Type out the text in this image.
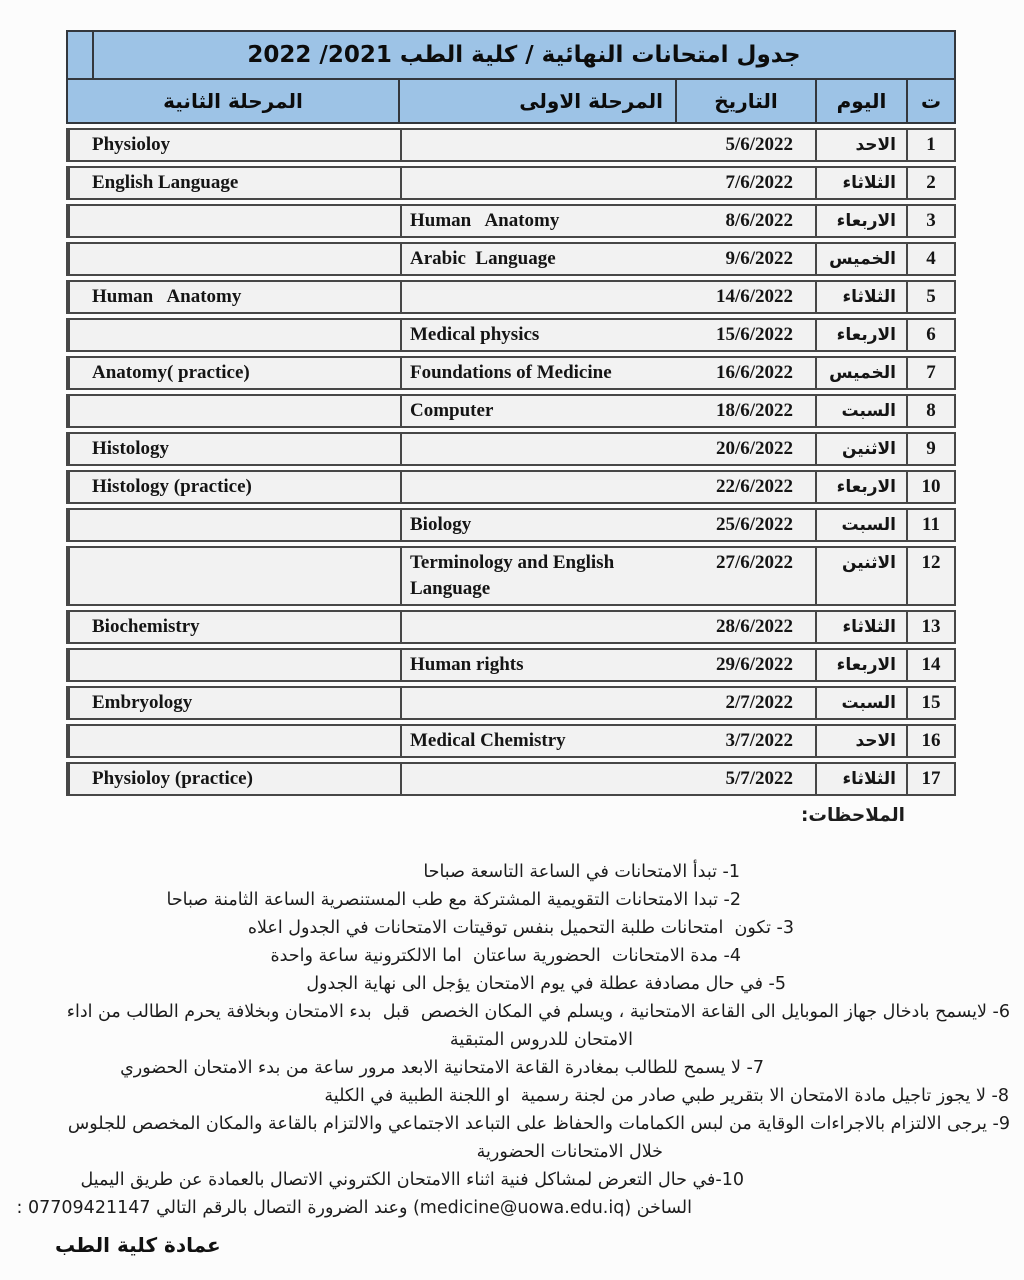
جدول امتحانات النهائية / كلية الطب 2021/ 2022
ت
اليوم
التاريخ
المرحلة الاولى
المرحلة الثانية
1
الاحد
5/6/2022
Physioloy
2
الثلاثاء
7/6/2022
English Language
3
الاربعاء
8/6/2022
Human   Anatomy
4
الخميس
9/6/2022
Arabic  Language
5
الثلاثاء
14/6/2022
Human   Anatomy
6
الاربعاء
15/6/2022
Medical physics
7
الخميس
16/6/2022
Foundations of Medicine
Anatomy( practice)
8
السبت
18/6/2022
Computer
9
الاثنين
20/6/2022
Histology
10
الاربعاء
22/6/2022
Histology (practice)
11
السبت
25/6/2022
Biology
12
الاثنين
27/6/2022
Terminology and English Language
13
الثلاثاء
28/6/2022
Biochemistry
14
الاربعاء
29/6/2022
Human rights
15
السبت
2/7/2022
Embryology
16
الاحد
3/7/2022
Medical Chemistry
17
الثلاثاء
5/7/2022
Physioloy (practice)
الملاحظات:
1- تبدأ الامتحانات في الساعة التاسعة صباحا
2- تبدا الامتحانات التقويمية المشتركة مع طب المستنصرية الساعة الثامنة صباحا
3- تكون  امتحانات طلبة التحميل بنفس توقيتات الامتحانات في الجدول اعلاه
4- مدة الامتحانات  الحضورية ساعتان  اما الالكترونية ساعة واحدة
5- في حال مصادفة عطلة في يوم الامتحان يؤجل الى نهاية الجدول
6- لايسمح بادخال جهاز الموبايل الى القاعة الامتحانية ، ويسلم في المكان الخصص  قبل  بدء الامتحان وبخلافة يحرم الطالب من اداء
الامتحان للدروس المتبقية
7- لا يسمح للطالب بمغادرة القاعة الامتحانية الابعد مرور ساعة من بدء الامتحان الحضوري
8- لا يجوز تاجيل مادة الامتحان الا بتقرير طبي صادر من لجنة رسمية  او اللجنة الطبية في الكلية
9- يرجى الالتزام بالاجراءات الوقاية من لبس الكمامات والحفاظ على التباعد الاجتماعي والالتزام بالقاعة والمكان المخصص للجلوس
خلال الامتحانات الحضورية
10-في حال التعرض لمشاكل فنية اثناء االامتحان الكتروني الاتصال بالعمادة عن طريق اليميل
الساخن (medicine@uowa.edu.iq) وعند الضرورة التصال بالرقم التالي 07709421147 :
عمادة كلية الطب
